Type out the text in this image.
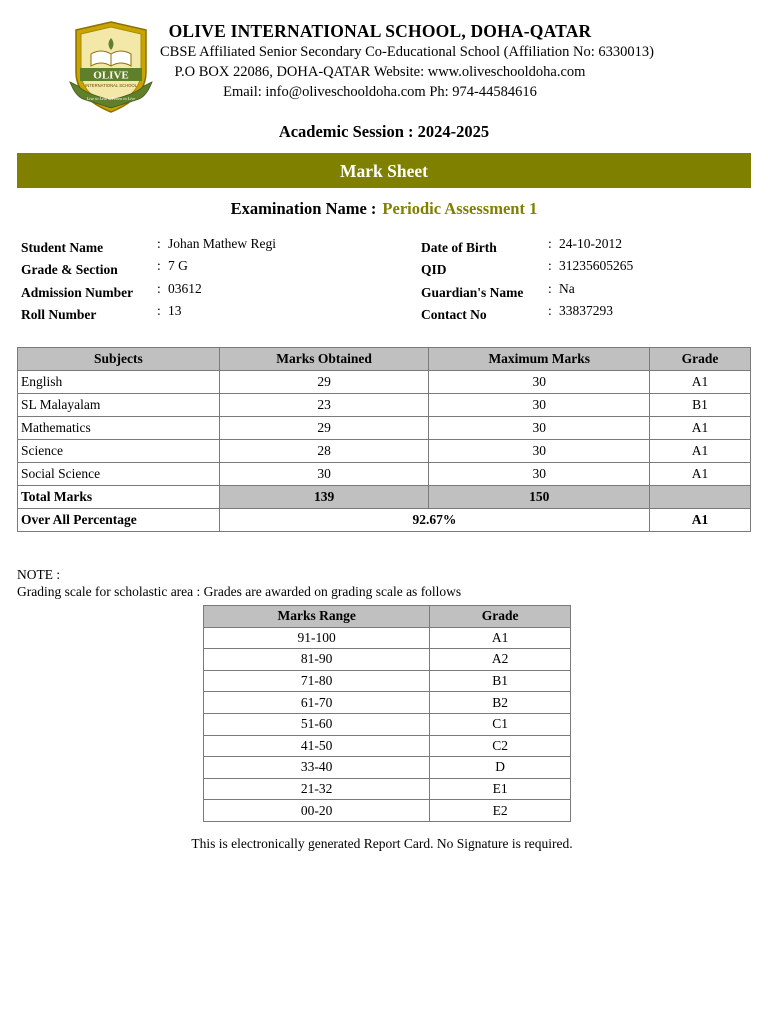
OLIVE
INTERNATIONAL SCHOOL
Live to Learn, Learn to Live

OLIVE INTERNATIONAL SCHOOL, DOHA-QATAR

CBSE Affiliated Senior Secondary Co-Educational School (Affiliation No: 6330013)

P.O BOX 22086, DOHA-QATAR Website: www.oliveschooldoha.com

Email: info@oliveschooldoha.com Ph: 974-44584616

Academic Session : 2024-2025
Mark Sheet
Examination Name : Periodic Assessment 1
Student Name	: Johan Mathew Regi
Grade & Section	: 7 G
Admission Number : 03612
Roll Number	: 13
Date of Birth	: 24-10-2012
QID	: 31235605265
Guardian's Name : Na
Contact No	: 33837293
Subjects	Marks Obtained	Maximum Marks	Grade
English	29	30	A1
SL Malayalam	23	30	B1
Mathematics	29	30	A1
Science	28	30	A1
Social Science	30	30	A1
Total Marks	139	150	
Over All Percentage	92.67%		A1
NOTE :
Grading scale for scholastic area : Grades are awarded on grading scale as follows
Marks Range	Grade
91-100	A1
81-90	A2
71-80	B1
61-70	B2
51-60	C1
41-50	C2
33-40	D
21-32	E1
00-20	E2
This is electronically generated Report Card. No Signature is required.
